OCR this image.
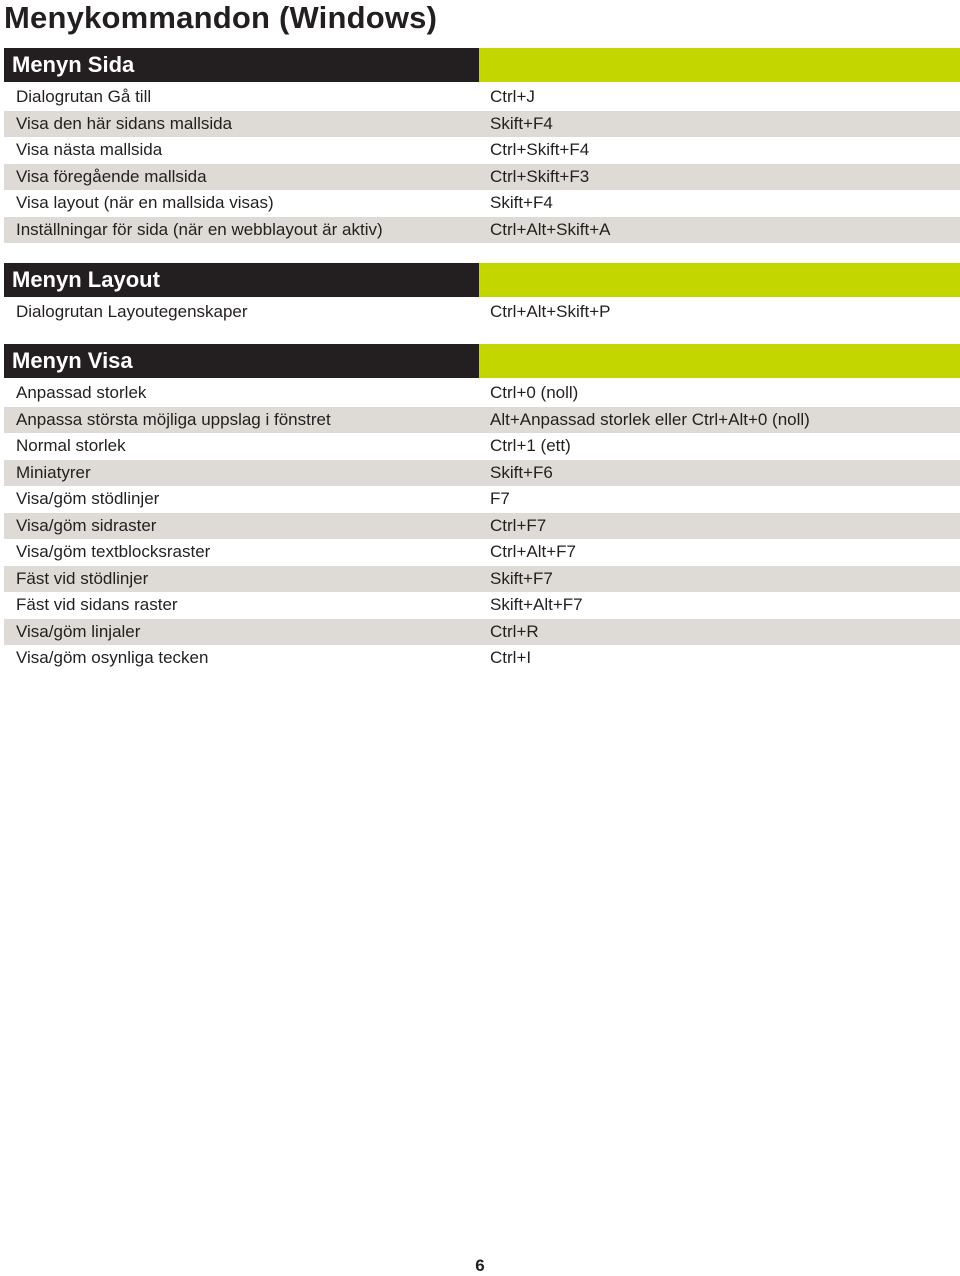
Menykommandon (Windows)
Menyn Sida
Dialogrutan Gå till	Ctrl+J
Visa den här sidans mallsida	Skift+F4
Visa nästa mallsida	Ctrl+Skift+F4
Visa föregående mallsida	Ctrl+Skift+F3
Visa layout (när en mallsida visas)	Skift+F4
Inställningar för sida (när en webblayout är aktiv)	Ctrl+Alt+Skift+A
Menyn Layout
Dialogrutan Layoutegenskaper	Ctrl+Alt+Skift+P
Menyn Visa
Anpassad storlek	Ctrl+0 (noll)
Anpassa största möjliga uppslag i fönstret	Alt+Anpassad storlek eller Ctrl+Alt+0 (noll)
Normal storlek	Ctrl+1 (ett)
Miniatyrer	Skift+F6
Visa/göm stödlinjer	F7
Visa/göm sidraster	Ctrl+F7
Visa/göm textblocksraster	Ctrl+Alt+F7
Fäst vid stödlinjer	Skift+F7
Fäst vid sidans raster	Skift+Alt+F7
Visa/göm linjaler	Ctrl+R
Visa/göm osynliga tecken	Ctrl+I
6
